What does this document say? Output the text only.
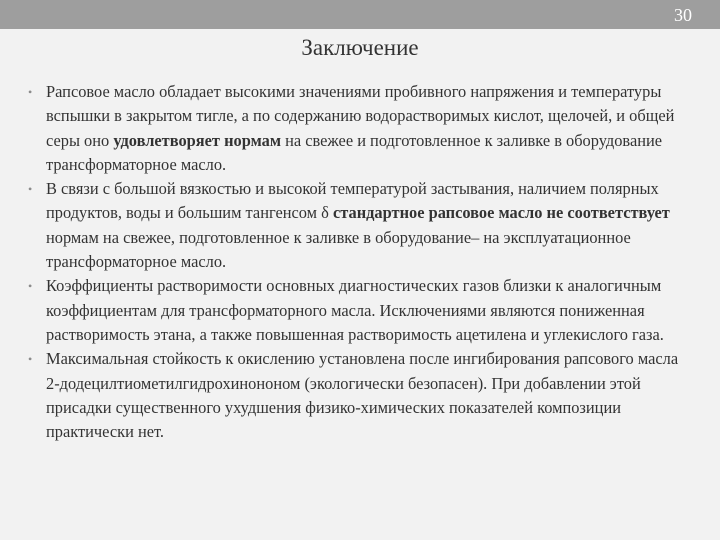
30
Заключение
• Рапсовое масло обладает высокими значениями пробивного напряжения и температуры вспышки в закрытом тигле, а по содержанию водорастворимых кислот, щелочей, и общей серы оно удовлетворяет нормам на свежее и подготовленное к заливке в оборудование трансформаторное масло.
• В связи с большой вязкостью и высокой температурой застывания, наличием полярных продуктов, воды и большим тангенсом δ стандартное рапсовое масло не соответствует нормам на свежее, подготовленное к заливке в оборудование– на эксплуатационное трансформаторное масло.
• Коэффициенты растворимости основных диагностических газов близки к аналогичным коэффициентам для трансформаторного масла. Исключениями являются пониженная растворимость этана, а также повышенная растворимость ацетилена и углекислого газа.
• Максимальная стойкость к окислению установлена после ингибирования рапсового масла 2-додецилтиометилгидрохинононом (экологически безопасен). При добавлении этой присадки существенного ухудшения физико-химических показателей композиции практически нет.
